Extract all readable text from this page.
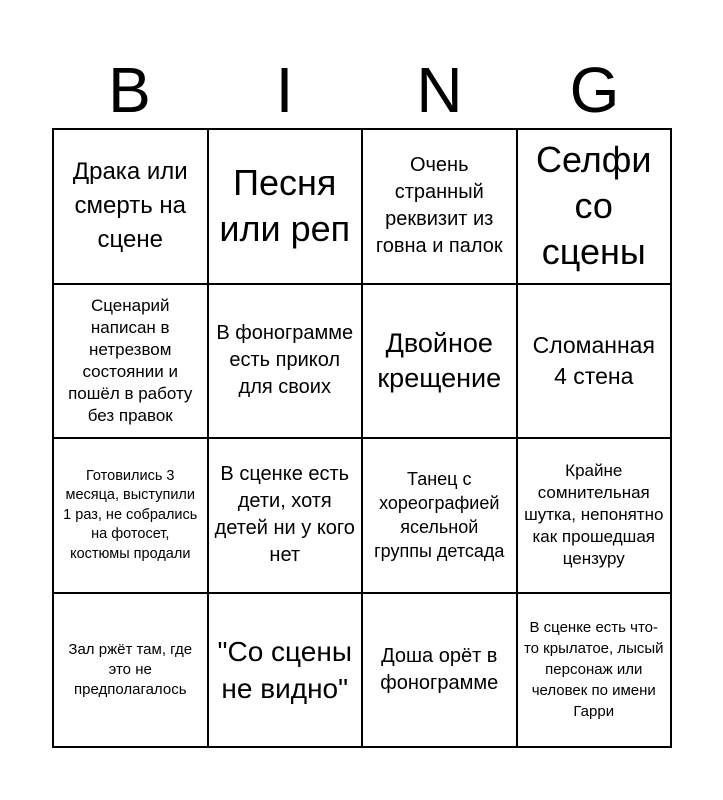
B	I	N	G
Драка или смерть на сцене
Песня или реп
Очень странный реквизит из говна и палок
Селфи со сцены
Сценарий написан в нетрезвом состоянии и пошёл в работу без правок
В фонограмме есть прикол для своих
Двойное крещение
Сломанная 4 стена
Готовились 3 месяца, выступили 1 раз, не собрались на фотосет, костюмы продали
В сценке есть дети, хотя детей ни у кого нет
Танец с хореографией ясельной группы детсада
Крайне сомнительная шутка, непонятно как прошедшая цензуру
Зал ржёт там, где это не предполагалось
"Со сцены не видно"
Доша орёт в фонограмме
В сценке есть что-то крылатое, лысый персонаж или человек по имени Гарри
